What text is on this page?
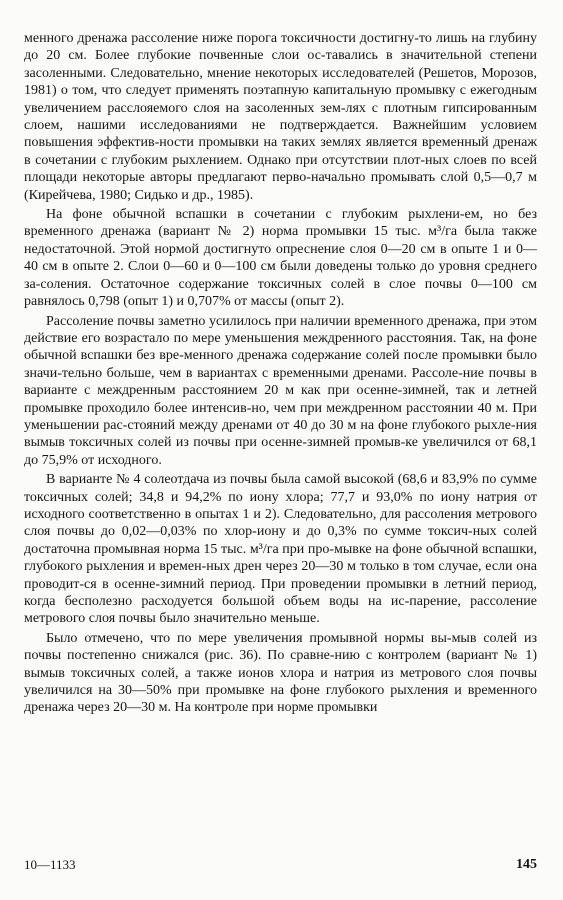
менного дренажа рассоление ниже порога токсичности достигну-то лишь на глубину до 20 см. Более глубокие почвенные слои ос-тавались в значительной степени засоленными. Следовательно, мнение некоторых исследователей (Решетов, Морозов, 1981) о том, что следует применять поэтапную капитальную промывку с ежегодным увеличением расслояемого слоя на засоленных зем-лях с плотным гипсированным слоем, нашими исследованиями не подтверждается. Важнейшим условием повышения эффектив-ности промывки на таких землях является временный дренаж в сочетании с глубоким рыхлением. Однако при отсутствии плот-ных слоев по всей площади некоторые авторы предлагают перво-начально промывать слой 0,5—0,7 м (Кирейчева, 1980; Сидько и др., 1985).

На фоне обычной вспашки в сочетании с глубоким рыхлени-ем, но без временного дренажа (вариант № 2) норма промывки 15 тыс. м³/га была также недостаточной. Этой нормой достигнуто опреснение слоя 0—20 см в опыте 1 и 0—40 см в опыте 2. Слои 0—60 и 0—100 см были доведены только до уровня среднего за-соления. Остаточное содержание токсичных солей в слое почвы 0—100 см равнялось 0,798 (опыт 1) и 0,707% от массы (опыт 2).

Рассоление почвы заметно усилилось при наличии временного дренажа, при этом действие его возрастало по мере уменьшения междренного расстояния. Так, на фоне обычной вспашки без вре-менного дренажа содержание солей после промывки было значи-тельно больше, чем в вариантах с временными дренами. Рассоле-ние почвы в варианте с междренным расстоянием 20 м как при осенне-зимней, так и летней промывке проходило более интенсив-но, чем при междренном расстоянии 40 м. При уменьшении рас-стояний между дренами от 40 до 30 м на фоне глубокого рыхле-ния вымыв токсичных солей из почвы при осенне-зимней промыв-ке увеличился от 68,1 до 75,9% от исходного.

В варианте № 4 солеотдача из почвы была самой высокой (68,6 и 83,9% по сумме токсичных солей; 34,8 и 94,2% по иону хлора; 77,7 и 93,0% по иону натрия от исходного соответственно в опытах 1 и 2). Следовательно, для рассоления метрового слоя почвы до 0,02—0,03% по хлор-иону и до 0,3% по сумме токсич-ных солей достаточна промывная норма 15 тыс. м³/га при про-мывке на фоне обычной вспашки, глубокого рыхления и времен-ных дрен через 20—30 м только в том случае, если она проводит-ся в осенне-зимний период. При проведении промывки в летний период, когда бесполезно расходуется большой объем воды на ис-парение, рассоление метрового слоя почвы было значительно меньше.

Было отмечено, что по мере увеличения промывной нормы вы-мыв солей из почвы постепенно снижался (рис. 36). По сравне-нию с контролем (вариант № 1) вымыв токсичных солей, а также ионов хлора и натрия из метрового слоя почвы увеличился на 30—50% при промывке на фоне глубокого рыхления и временного дренажа через 20—30 м. На контроле при норме промывки

10—1133	145
